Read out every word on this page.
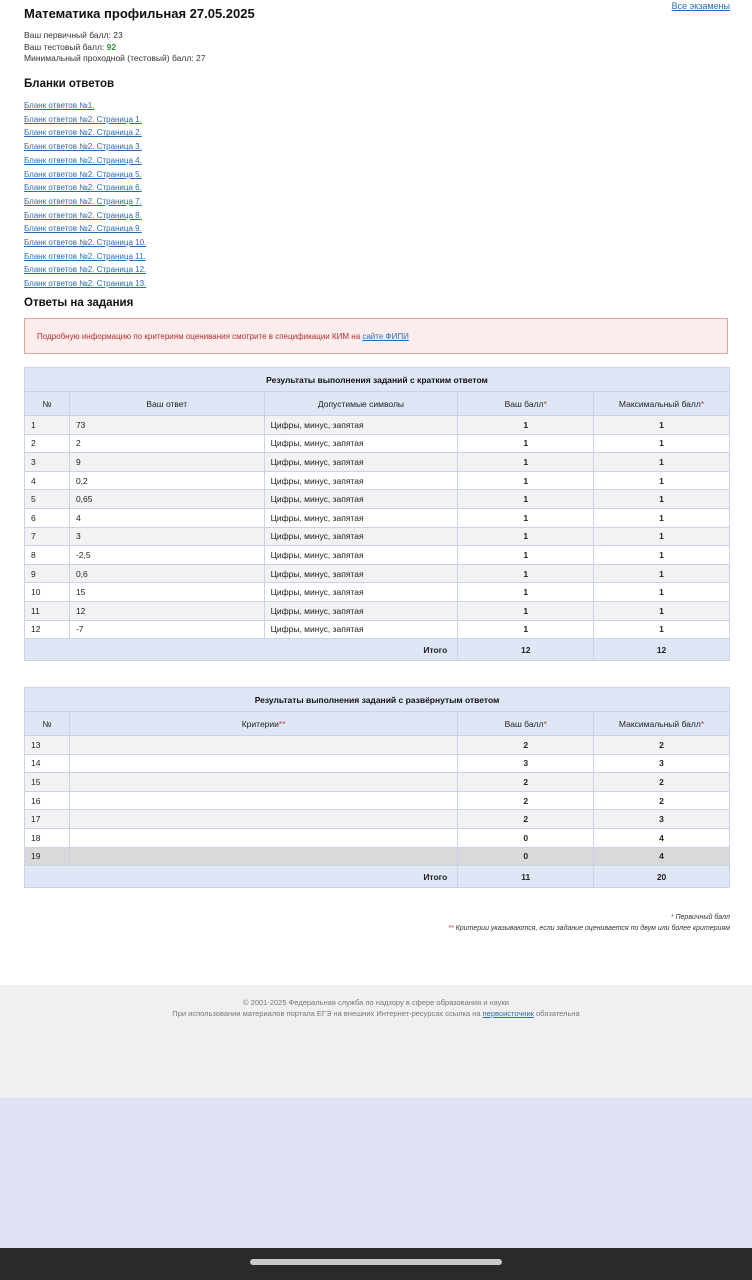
Все экзамены
Математика профильная 27.05.2025
Ваш первичный балл: 23
Ваш тестовый балл: 92
Минимальный проходной (тестовый) балл: 27
Бланки ответов
Бланк ответов №1.
Бланк ответов №2. Страница 1.
Бланк ответов №2. Страница 2.
Бланк ответов №2. Страница 3.
Бланк ответов №2. Страница 4.
Бланк ответов №2. Страница 5.
Бланк ответов №2. Страница 6.
Бланк ответов №2. Страница 7.
Бланк ответов №2. Страница 8.
Бланк ответов №2. Страница 9.
Бланк ответов №2. Страница 10.
Бланк ответов №2. Страница 11.
Бланк ответов №2. Страница 12.
Бланк ответов №2. Страница 13.
Ответы на задания
Подробную информацию по критериям оценивания смотрите в спецификации КИМ на сайте ФИПИ
Результаты выполнения заданий с кратким ответом				
№	Ваш ответ	Допустимые символы	Ваш балл*	Максимальный балл*
1	73	Цифры, минус, запятая	1	1
2	2	Цифры, минус, запятая	1	1
3	9	Цифры, минус, запятая	1	1
4	0,2	Цифры, минус, запятая	1	1
5	0,65	Цифры, минус, запятая	1	1
6	4	Цифры, минус, запятая	1	1
7	3	Цифры, минус, запятая	1	1
8	-2,5	Цифры, минус, запятая	1	1
9	0,6	Цифры, минус, запятая	1	1
10	15	Цифры, минус, запятая	1	1
11	12	Цифры, минус, запятая	1	1
12	-7	Цифры, минус, запятая	1	1
Итого			12	12
Результаты выполнения заданий с развёрнутым ответом			
№	Критерии**	Ваш балл*	Максимальный балл*
13		2	2
14		3	3
15		2	2
16		2	2
17		2	3
18		0	4
19		0	4
Итого		11	20
* Первичный балл
** Критерии указываются, если задание оценивается по двум или более критериям
© 2001-2025 Федеральная служба по надзору в сфере образования и науки
При использовании материалов портала ЕГЭ на внешних Интернет-ресурсах ссылка на первоисточник обязательна
